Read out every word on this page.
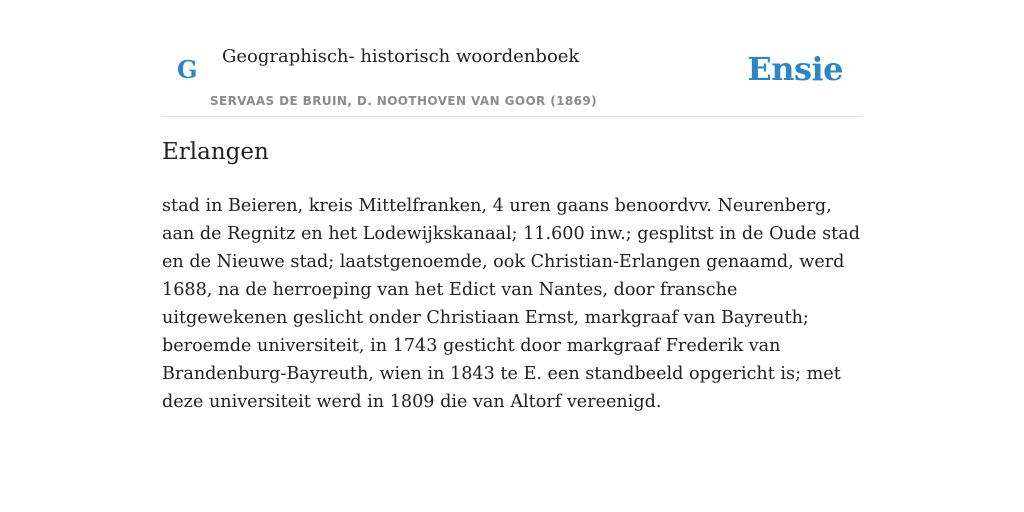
G Geographisch- historisch woordenboek
SERVAAS DE BRUIN, D. NOOTHOVEN VAN GOOR (1869)
Ensie
Erlangen

stad in Beieren, kreis Mittelfranken, 4 uren gaans benoordvv. Neurenberg, aan de Regnitz en het Lodewijkskanaal; 11.600 inw.; gesplitst in de Oude stad en de Nieuwe stad; laatstgenoemde, ook Christian-Erlangen genaamd, werd 1688, na de herroeping van het Edict van Nantes, door fransche uitgewekenen geslicht onder Christiaan Ernst, markgraaf van Bayreuth; beroemde universiteit, in 1743 gesticht door markgraaf Frederik van Brandenburg-Bayreuth, wien in 1843 te E. een standbeeld opgericht is; met deze universiteit werd in 1809 die van Altorf vereenigd.
